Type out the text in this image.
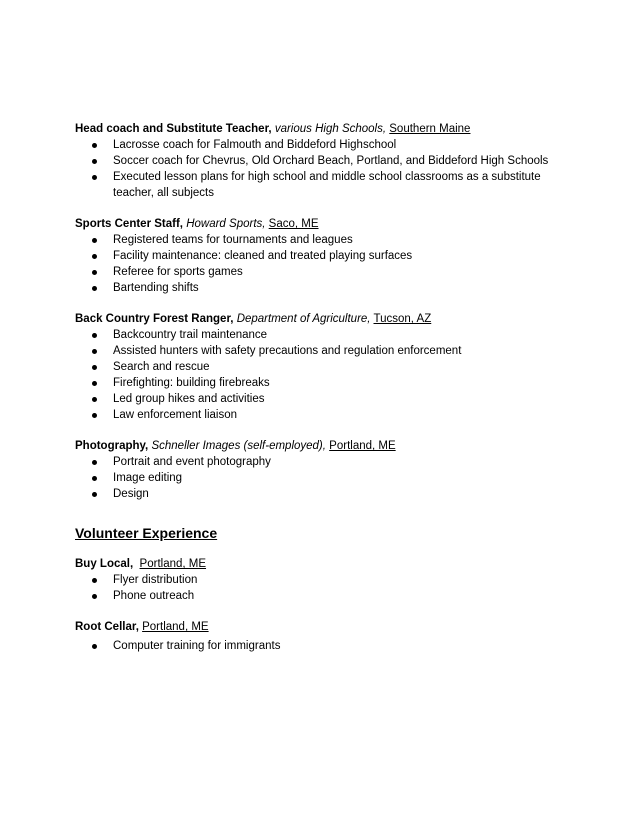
Head coach and Substitute Teacher, various High Schools, Southern Maine
Lacrosse coach for Falmouth and Biddeford Highschool
Soccer coach for Chevrus, Old Orchard Beach, Portland, and Biddeford High Schools
Executed lesson plans for high school and middle school classrooms as a substitute teacher, all subjects
Sports Center Staff, Howard Sports, Saco, ME
Registered teams for tournaments and leagues
Facility maintenance: cleaned and treated playing surfaces
Referee for sports games
Bartending shifts
Back Country Forest Ranger, Department of Agriculture, Tucson, AZ
Backcountry trail maintenance
Assisted hunters with safety precautions and regulation enforcement
Search and rescue
Firefighting: building firebreaks
Led group hikes and activities
Law enforcement liaison
Photography, Schneller Images (self-employed), Portland, ME
Portrait and event photography
Image editing
Design
Volunteer Experience
Buy Local, Portland, ME
Flyer distribution
Phone outreach
Root Cellar, Portland, ME
Computer training for immigrants
